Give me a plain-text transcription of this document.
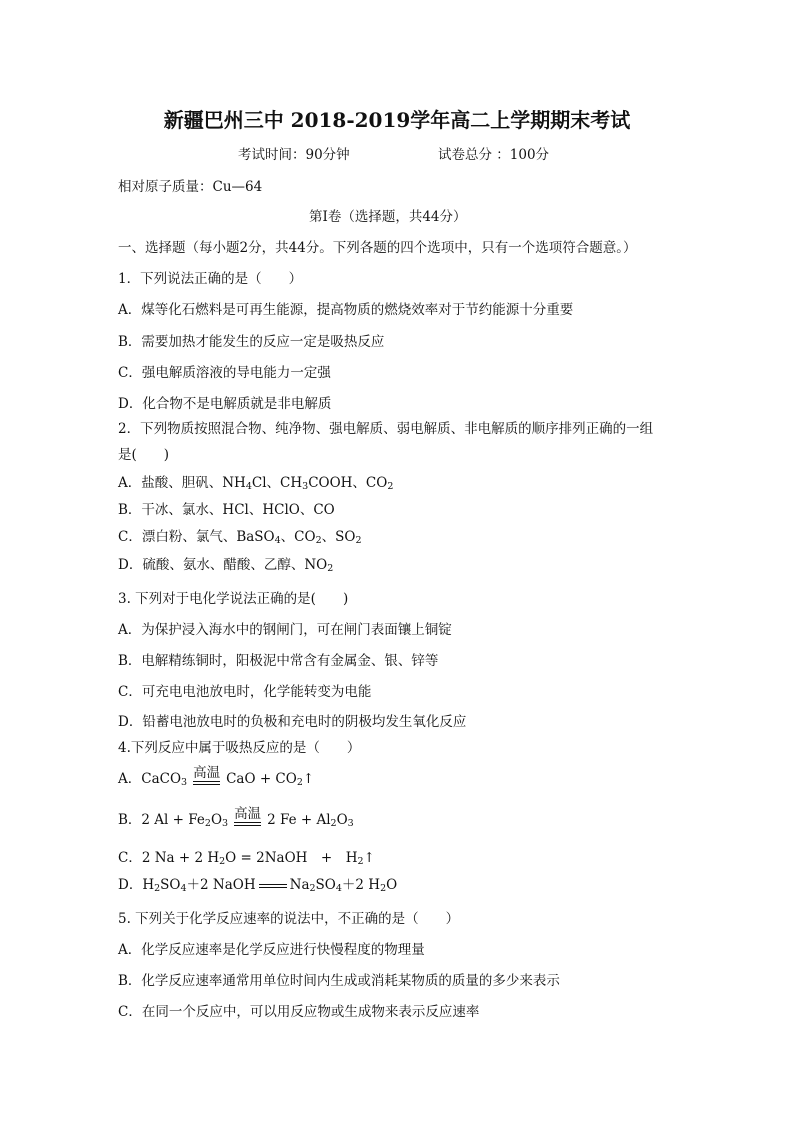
新疆巴州三中 2018-2019学年高二上学期期末考试
考试时间：90分钟	试卷总分 ：100分
相对原子质量：Cu—64
第Ⅰ卷（选择题，共44分）
一、选择题（每小题2分，共44分。下列各题的四个选项中，只有一个选项符合题意。）
1．下列说法正确的是（　　）
A．煤等化石燃料是可再生能源，提高物质的燃烧效率对于节约能源十分重要
B．需要加热才能发生的反应一定是吸热反应
C．强电解质溶液的导电能力一定强
D．化合物不是电解质就是非电解质
2．下列物质按照混合物、纯净物、强电解质、弱电解质、非电解质的顺序排列正确的一组
是(　　)
A．盐酸、胆矾、$NH_4Cl$、$CH_3COOH$、$CO_2$
B．干冰、氯水、HCl、HClO、CO
C．漂白粉、氯气、BaSO$_4$、$CO_2$、$SO_2$
D．硫酸、氨水、醋酸、乙醇、$NO_2$
3. 下列对于电化学说法正确的是(　　)
A．为保护浸入海水中的钢闸门，可在闸门表面镶上铜锭
B．电解精练铜时，阳极泥中常含有金属金、银、锌等
C．可充电电池放电时，化学能转变为电能
D．铅蓄电池放电时的负极和充电时的阴极均发生氧化反应
4.下列反应中属于吸热反应的是（　　）
A．CaCO$_3$
高温 CaO + $CO_2↑$
B．2 $Al + Fe_2O_3$
高温 2 $Fe + Al_2O_3$
C．2 Na + 2 $H_2O$ = 2NaOH　+　$H_2↑$
D．$H_2SO_4+2$ NaOH	$Na_2SO_4+2$ $H_2O$
5. 下列关于化学反应速率的说法中，不正确的是（　　）
A．化学反应速率是化学反应进行快慢程度的物理量
B．化学反应速率通常用单位时间内生成或消耗某物质的质量的多少来表示
C．在同一个反应中，可以用反应物或生成物来表示反应速率
